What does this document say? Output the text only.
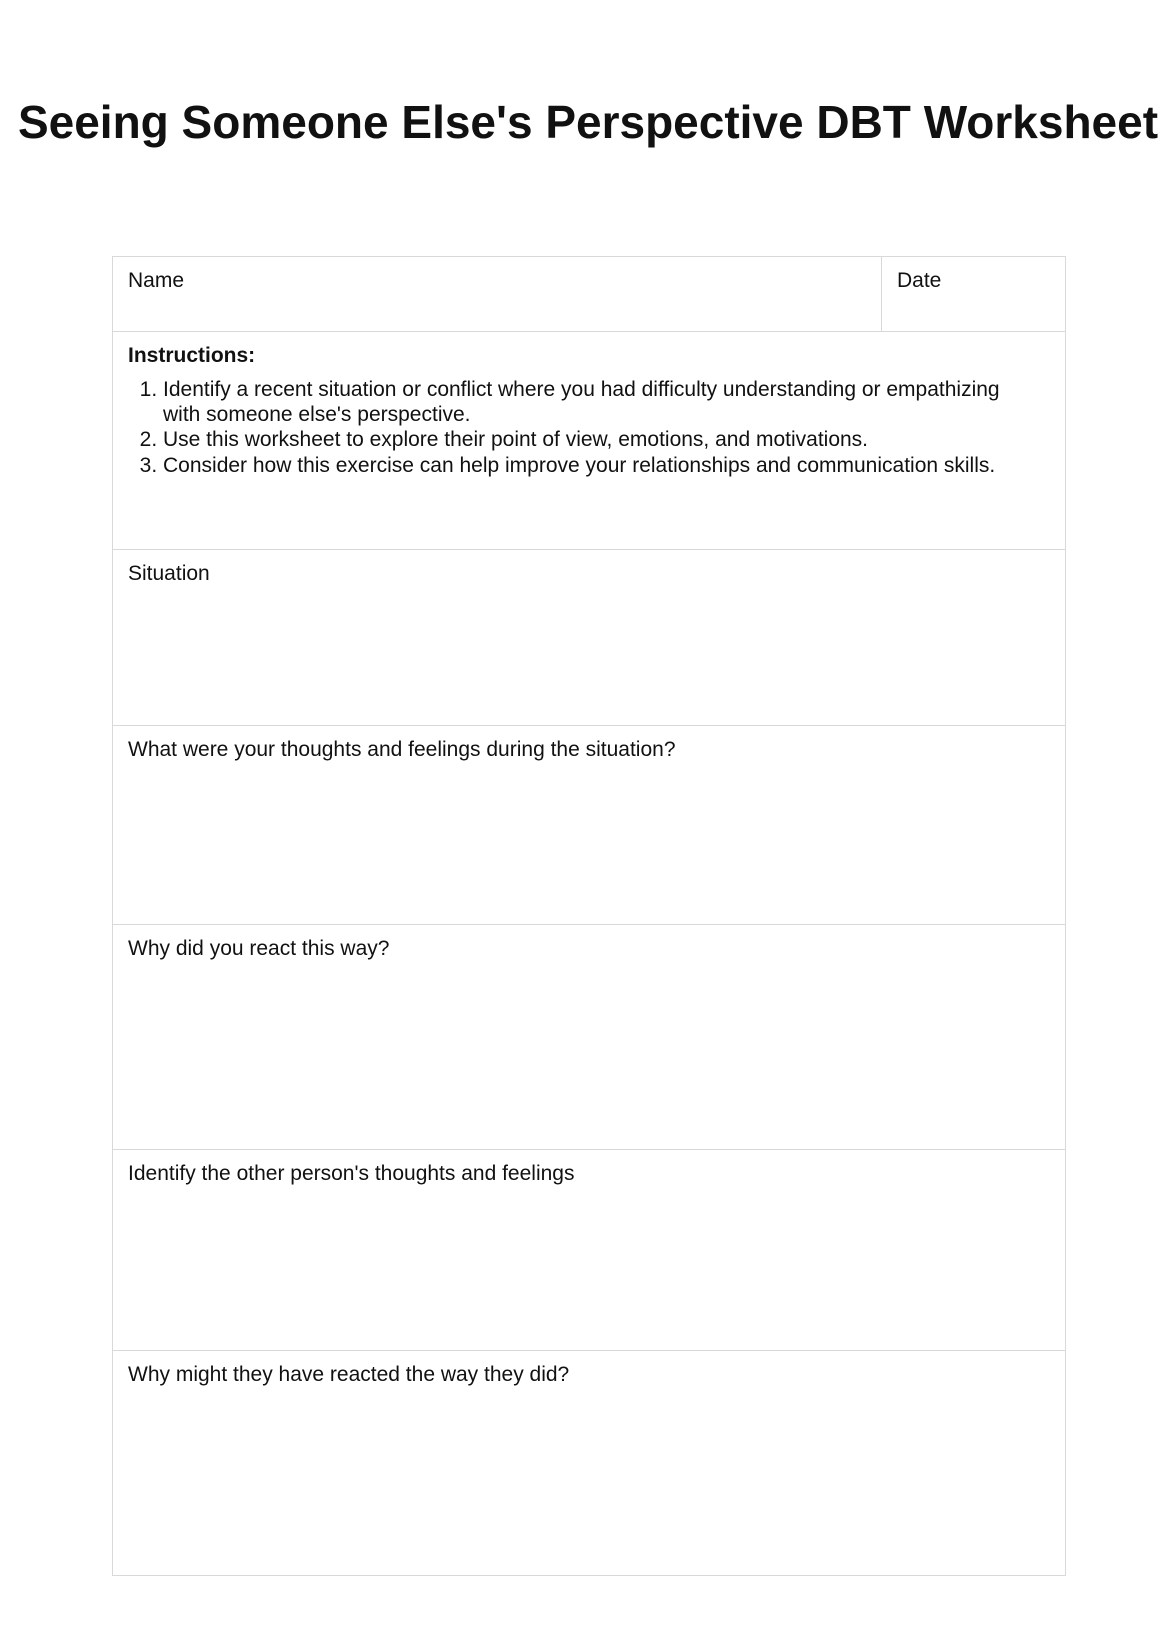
Seeing Someone Else's Perspective DBT Worksheet
Name	Date
Instructions:
1. Identify a recent situation or conflict where you had difficulty understanding or empathizing with someone else's perspective.
2. Use this worksheet to explore their point of view, emotions, and motivations.
3. Consider how this exercise can help improve your relationships and communication skills.
Situation
What were your thoughts and feelings during the situation?
Why did you react this way?
Identify the other person's thoughts and feelings
Why might they have reacted the way they did?
